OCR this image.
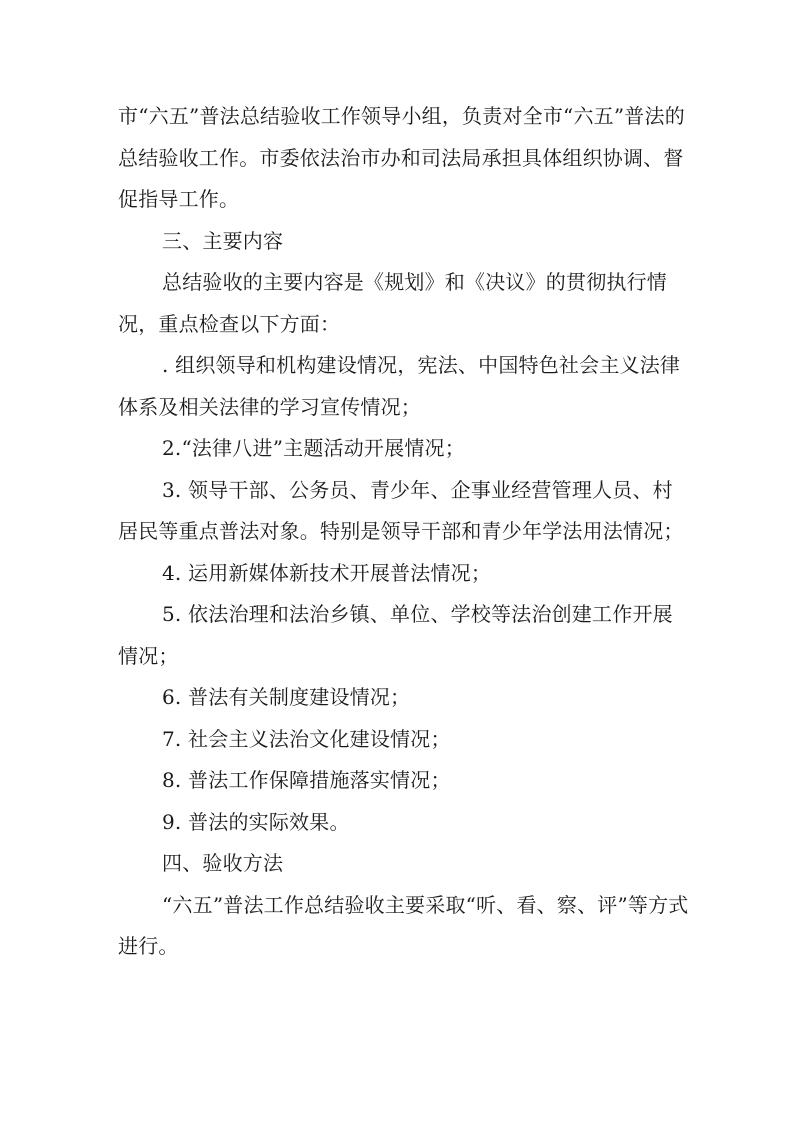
市“六五”普法总结验收工作领导小组，负责对全市“六五”普法的总结验收工作。市委依法治市办和司法局承担具体组织协调、督促指导工作。

三、主要内容

总结验收的主要内容是《规划》和《决议》的贯彻执行情况，重点检查以下方面：

. 组织领导和机构建设情况，宪法、中国特色社会主义法律体系及相关法律的学习宣传情况；

2.“法律八进”主题活动开展情况；

3. 领导干部、公务员、青少年、企事业经营管理人员、村居民等重点普法对象。特别是领导干部和青少年学法用法情况；

4. 运用新媒体新技术开展普法情况；

5. 依法治理和法治乡镇、单位、学校等法治创建工作开展情况；

6. 普法有关制度建设情况；

7. 社会主义法治文化建设情况；

8. 普法工作保障措施落实情况；

9. 普法的实际效果。

四、验收方法

“六五”普法工作总结验收主要采取“听、看、察、评”等方式进行。
